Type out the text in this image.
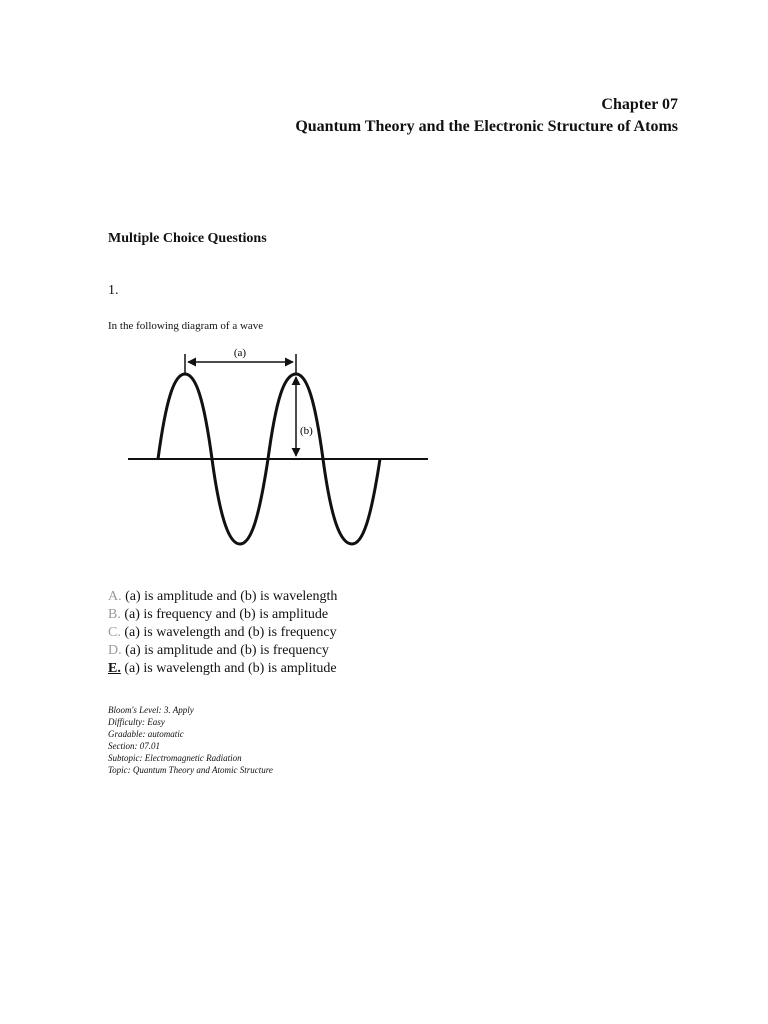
Chapter 07
Quantum Theory and the Electronic Structure of Atoms
Multiple Choice Questions
1.
In the following diagram of a wave
(a)
(b)
A. (a) is amplitude and (b) is wavelength
B. (a) is frequency and (b) is amplitude
C. (a) is wavelength and (b) is frequency
D. (a) is amplitude and (b) is frequency
E. (a) is wavelength and (b) is amplitude
Bloom's Level: 3. Apply
Difficulty: Easy
Gradable: automatic
Section: 07.01
Subtopic: Electromagnetic Radiation
Topic: Quantum Theory and Atomic Structure
